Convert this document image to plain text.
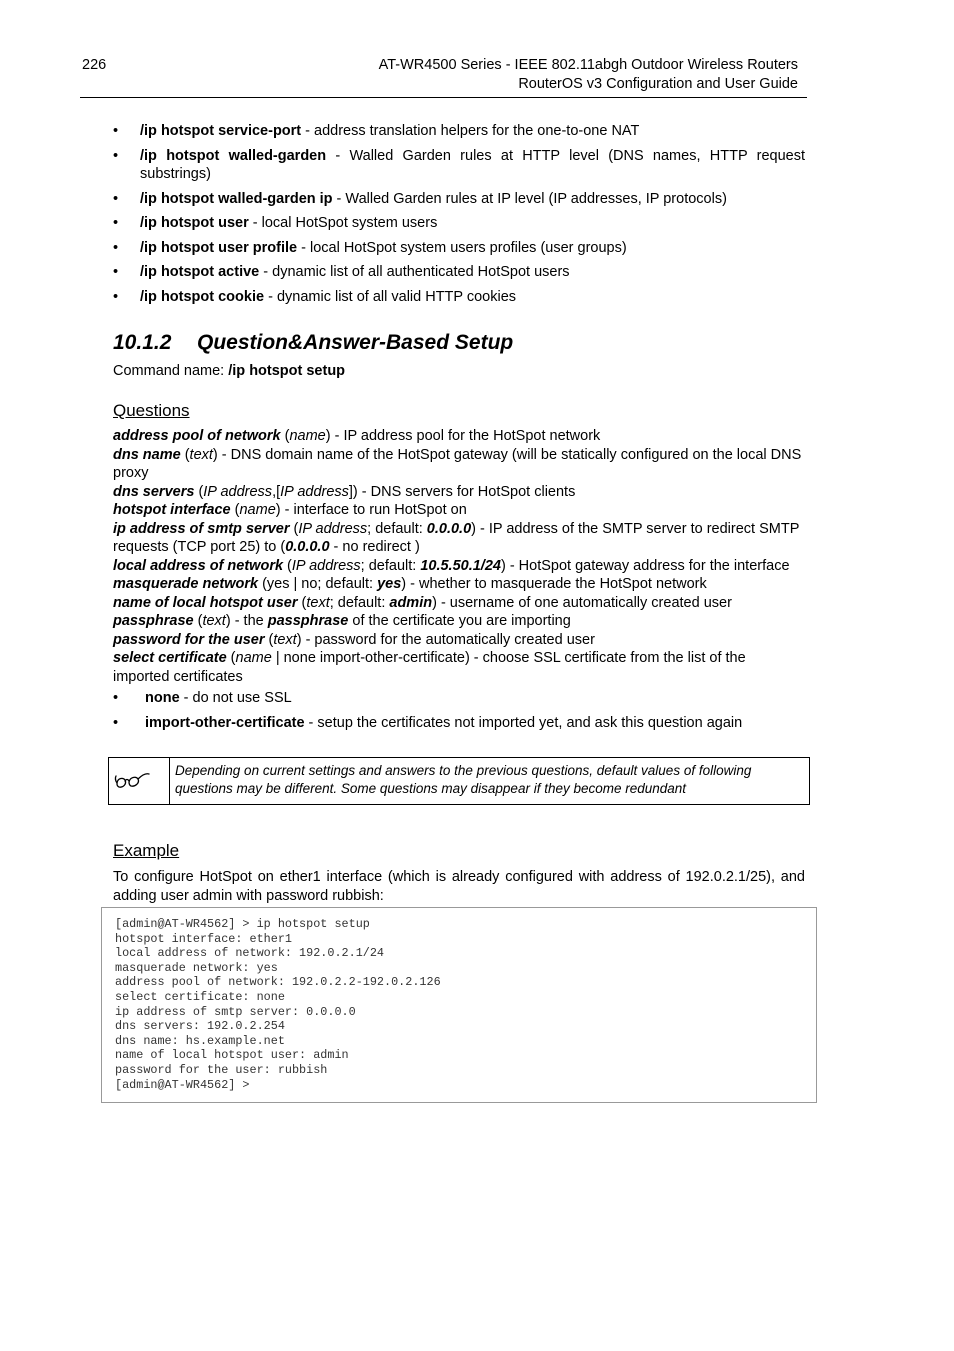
226	AT-WR4500 Series - IEEE 802.11abgh Outdoor Wireless Routers
RouterOS v3 Configuration and User Guide
• /ip hotspot service-port - address translation helpers for the one-to-one NAT
• /ip hotspot walled-garden - Walled Garden rules at HTTP level (DNS names, HTTP request substrings)
• /ip hotspot walled-garden ip - Walled Garden rules at IP level (IP addresses, IP protocols)
• /ip hotspot user - local HotSpot system users
• /ip hotspot user profile - local HotSpot system users profiles (user groups)
• /ip hotspot active - dynamic list of all authenticated HotSpot users
• /ip hotspot cookie - dynamic list of all valid HTTP cookies
10.1.2 Question&Answer-Based Setup
Command name: /ip hotspot setup
Questions

address pool of network (name) - IP address pool for the HotSpot network

dns name (text) - DNS domain name of the HotSpot gateway (will be statically configured on the local DNS proxy

dns servers (IP address,[IP address]) - DNS servers for HotSpot clients

hotspot interface (name) - interface to run HotSpot on

ip address of smtp server (IP address; default: 0.0.0.0) - IP address of the SMTP server to redirect SMTP requests (TCP port 25) to (0.0.0.0 - no redirect )

local address of network (IP address; default: 10.5.50.1/24) - HotSpot gateway address for the interface

masquerade network (yes | no; default: yes) - whether to masquerade the HotSpot network

name of local hotspot user (text; default: admin) - username of one automatically created user

passphrase (text) - the passphrase of the certificate you are importing

password for the user (text) - password for the automatically created user

select certificate (name | none import-other-certificate) - choose SSL certificate from the list of the imported certificates

• none - do not use SSL
• import-other-certificate - setup the certificates not imported yet, and ask this question again
Depending on current settings and answers to the previous questions, default values of following questions may be different. Some questions may disappear if they become redundant
Example
To configure HotSpot on ether1 interface (which is already configured with address of 192.0.2.1/25), and adding user admin with password rubbish:
[admin@AT-WR4562] > ip hotspot setup
hotspot interface: ether1
local address of network: 192.0.2.1/24
masquerade network: yes
address pool of network: 192.0.2.2-192.0.2.126
select certificate: none
ip address of smtp server: 0.0.0.0
dns servers: 192.0.2.254
dns name: hs.example.net
name of local hotspot user: admin
password for the user: rubbish
[admin@AT-WR4562] >
